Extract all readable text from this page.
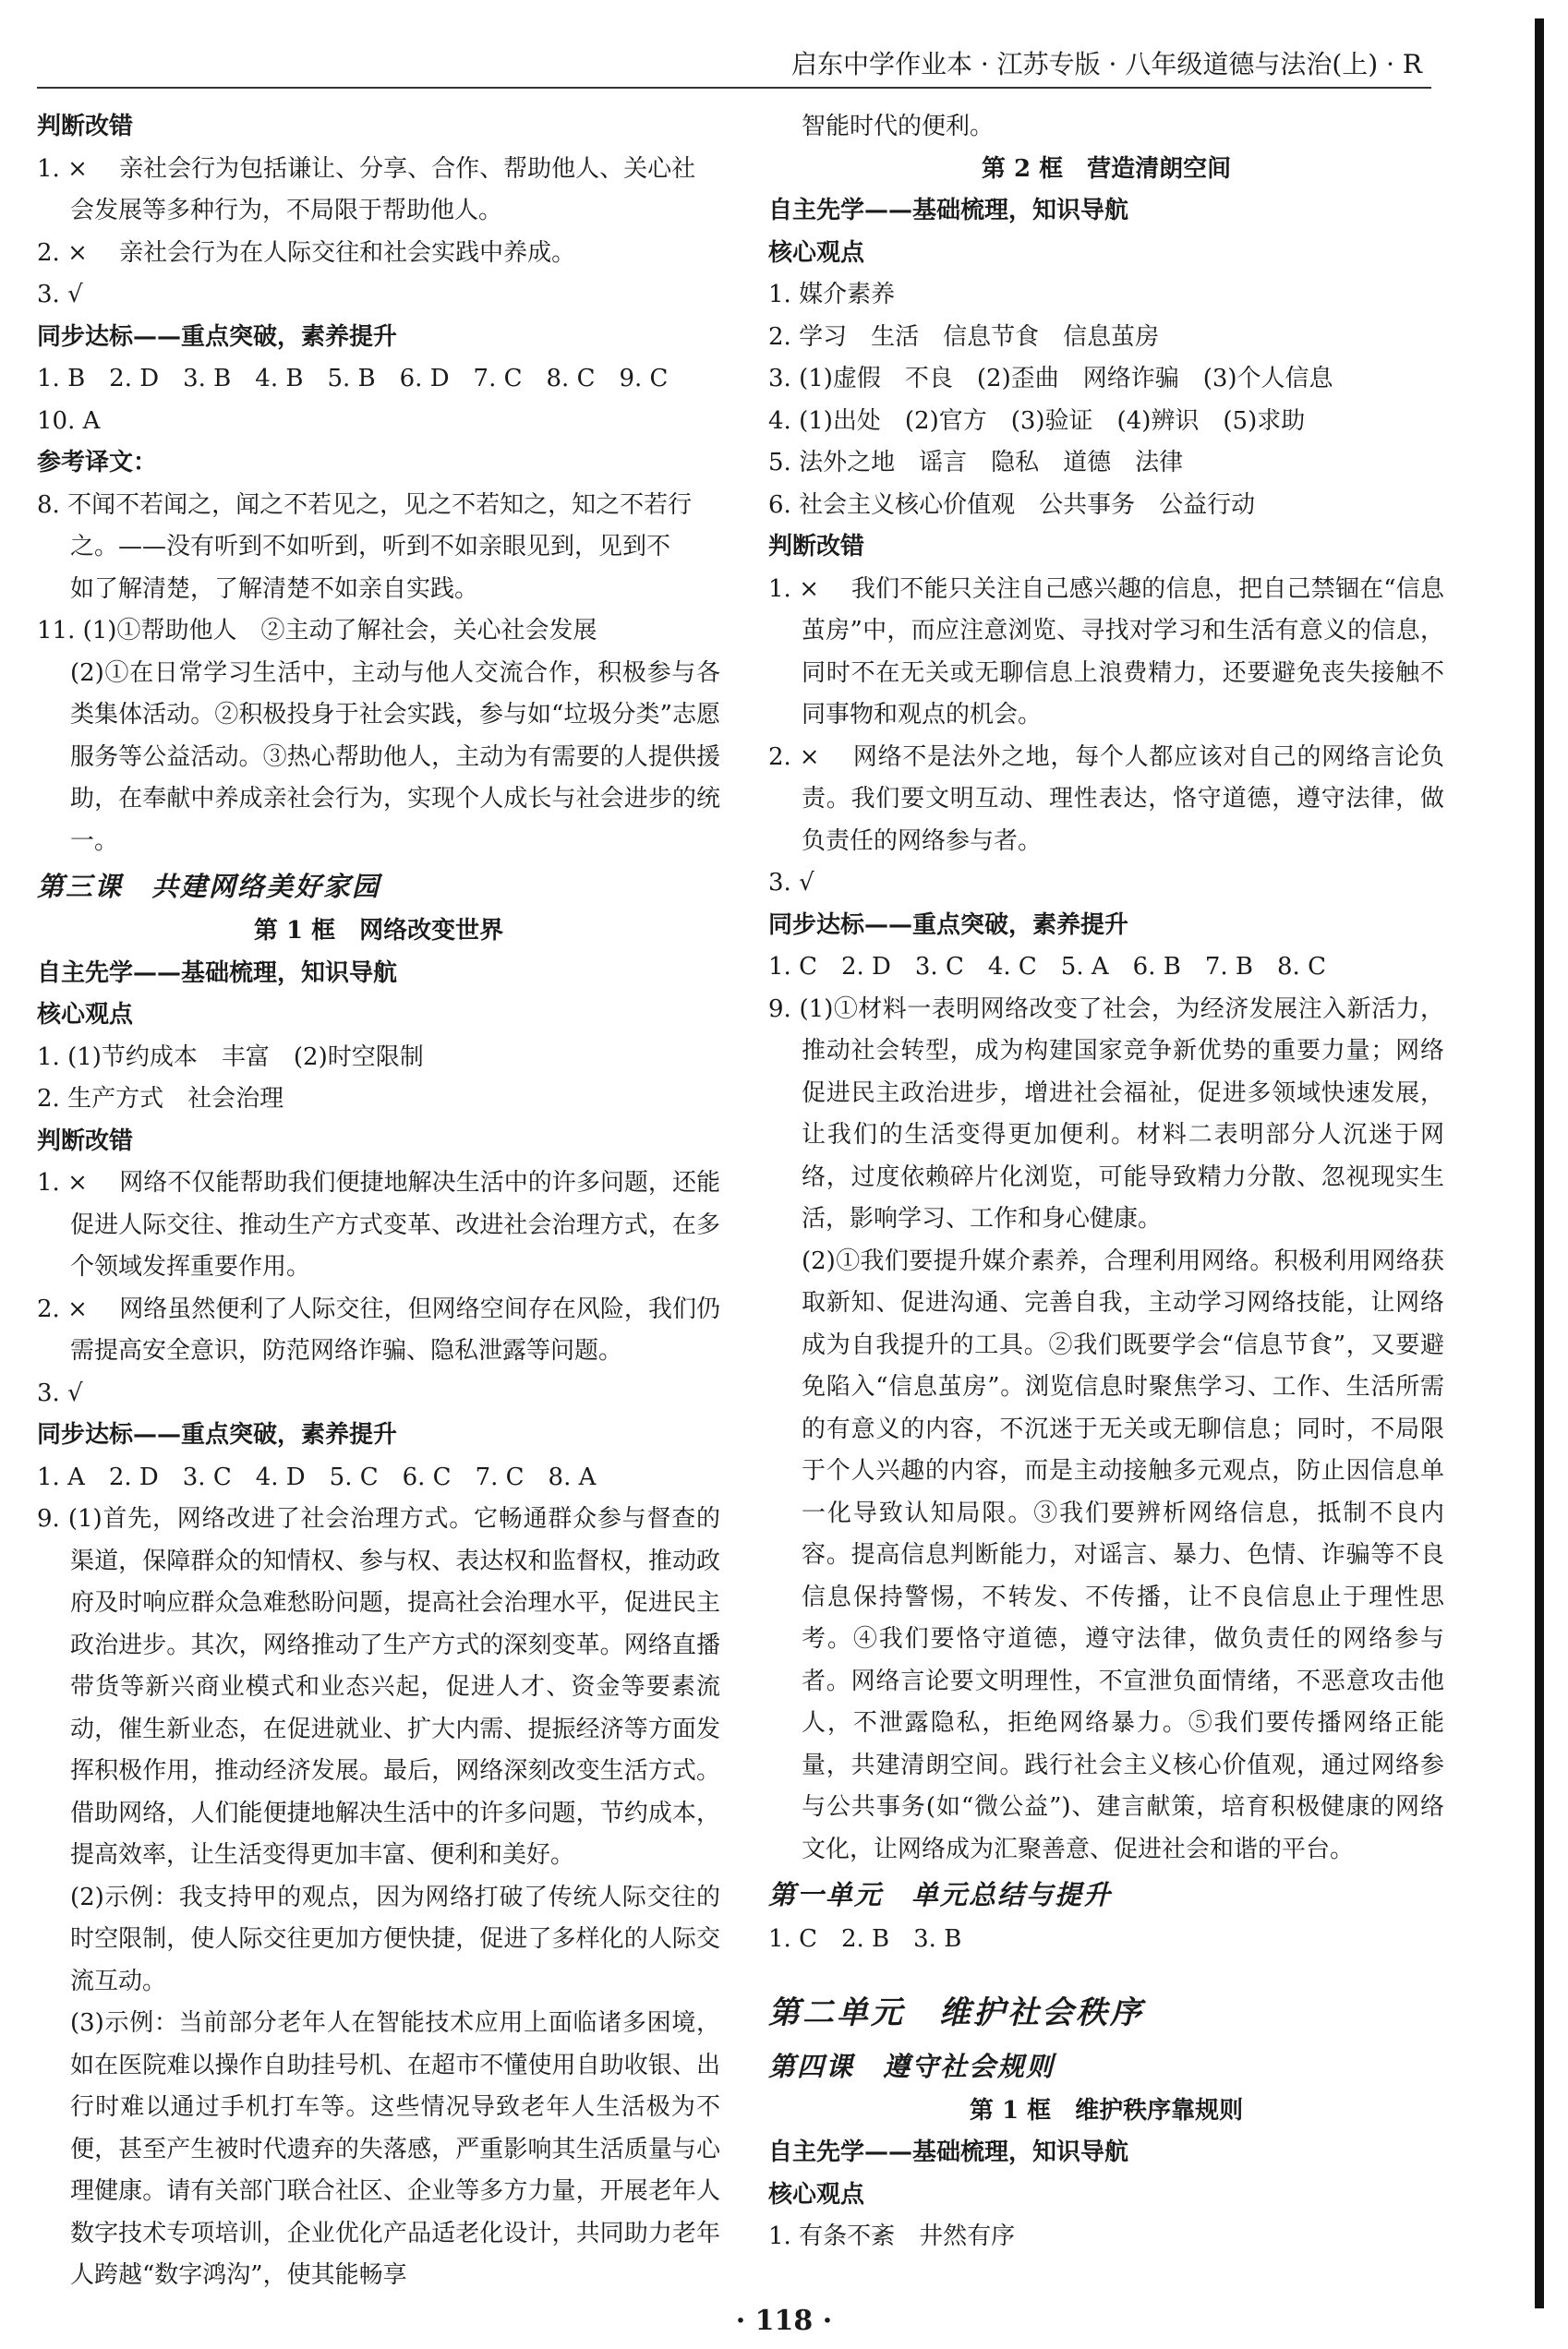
启东中学作业本 · 江苏专版 · 八年级道德与法治(上) · R

判断改错

1. ×　 亲社会行为包括谦让、分享、合作、帮助他人、关心社

会发展等多种行为，不局限于帮助他人。

2. ×　 亲社会行为在人际交往和社会实践中养成。

3. √

同步达标——重点突破，素养提升

1. B　2. D　3. B　4. B　5. B　6. D　7. C　8. C　9. C　10. A

参考译文：

8. 不闻不若闻之，闻之不若见之，见之不若知之，知之不若行

之。——没有听到不如听到，听到不如亲眼见到，见到不

如了解清楚，了解清楚不如亲自实践。

11. (1)①帮助他人　②主动了解社会，关心社会发展

(2)①在日常学习生活中，主动与他人交流合作，积极参与各类集体活动。②积极投身于社会实践，参与如“垃圾分类”志愿服务等公益活动。③热心帮助他人，主动为有需要的人提供援助，在奉献中养成亲社会行为，实现个人成长与社会进步的统一。

第三课　共建网络美好家园

第 1 框　网络改变世界

自主先学——基础梳理，知识导航

核心观点

1. (1)节约成本　丰富　(2)时空限制

2. 生产方式　社会治理

判断改错

1. ×　 网络不仅能帮助我们便捷地解决生活中的许多问题，还能促进人际交往、推动生产方式变革、改进社会治理方式，在多个领域发挥重要作用。

2. ×　 网络虽然便利了人际交往，但网络空间存在风险，我们仍需提高安全意识，防范网络诈骗、隐私泄露等问题。

3. √

同步达标——重点突破，素养提升

1. A　2. D　3. C　4. D　5. C　6. C　7. C　8. A

9. (1)首先，网络改进了社会治理方式。它畅通群众参与督查的渠道，保障群众的知情权、参与权、表达权和监督权，推动政府及时响应群众急难愁盼问题，提高社会治理水平，促进民主政治进步。其次，网络推动了生产方式的深刻变革。网络直播带货等新兴商业模式和业态兴起，促进人才、资金等要素流动，催生新业态，在促进就业、扩大内需、提振经济等方面发挥积极作用，推动经济发展。最后，网络深刻改变生活方式。借助网络，人们能便捷地解决生活中的许多问题，节约成本，提高效率，让生活变得更加丰富、便利和美好。

(2)示例：我支持甲的观点，因为网络打破了传统人际交往的时空限制，使人际交往更加方便快捷，促进了多样化的人际交流互动。

(3)示例：当前部分老年人在智能技术应用上面临诸多困境，如在医院难以操作自助挂号机、在超市不懂使用自助收银、出行时难以通过手机打车等。这些情况导致老年人生活极为不便，甚至产生被时代遗弃的失落感，严重影响其生活质量与心理健康。请有关部门联合社区、企业等多方力量，开展老年人数字技术专项培训，企业优化产品适老化设计，共同助力老年人跨越“数字鸿沟”，使其能畅享

智能时代的便利。

第 2 框　营造清朗空间

自主先学——基础梳理，知识导航

核心观点

1. 媒介素养

2. 学习　生活　信息节食　信息茧房

3. (1)虚假　不良　(2)歪曲　网络诈骗　(3)个人信息

4. (1)出处　(2)官方　(3)验证　(4)辨识　(5)求助

5. 法外之地　谣言　隐私　道德　法律

6. 社会主义核心价值观　公共事务　公益行动

判断改错

1. ×　 我们不能只关注自己感兴趣的信息，把自己禁锢在“信息茧房”中，而应注意浏览、寻找对学习和生活有意义的信息，同时不在无关或无聊信息上浪费精力，还要避免丧失接触不同事物和观点的机会。

2. ×　 网络不是法外之地，每个人都应该对自己的网络言论负责。我们要文明互动、理性表达，恪守道德，遵守法律，做负责任的网络参与者。

3. √

同步达标——重点突破，素养提升

1. C　2. D　3. C　4. C　5. A　6. B　7. B　8. C

9. (1)①材料一表明网络改变了社会，为经济发展注入新活力，推动社会转型，成为构建国家竞争新优势的重要力量；网络促进民主政治进步，增进社会福祉，促进多领域快速发展，让我们的生活变得更加便利。材料二表明部分人沉迷于网络，过度依赖碎片化浏览，可能导致精力分散、忽视现实生活，影响学习、工作和身心健康。

(2)①我们要提升媒介素养，合理利用网络。积极利用网络获取新知、促进沟通、完善自我，主动学习网络技能，让网络成为自我提升的工具。②我们既要学会“信息节食”，又要避免陷入“信息茧房”。浏览信息时聚焦学习、工作、生活所需的有意义的内容，不沉迷于无关或无聊信息；同时，不局限于个人兴趣的内容，而是主动接触多元观点，防止因信息单一化导致认知局限。③我们要辨析网络信息，抵制不良内容。提高信息判断能力，对谣言、暴力、色情、诈骗等不良信息保持警惕，不转发、不传播，让不良信息止于理性思考。④我们要恪守道德，遵守法律，做负责任的网络参与者。网络言论要文明理性，不宣泄负面情绪，不恶意攻击他人，不泄露隐私，拒绝网络暴力。⑤我们要传播网络正能量，共建清朗空间。践行社会主义核心价值观，通过网络参与公共事务(如“微公益”)、建言献策，培育积极健康的网络文化，让网络成为汇聚善意、促进社会和谐的平台。

第一单元　单元总结与提升

1. C　2. B　3. B

第二单元　维护社会秩序

第四课　遵守社会规则

第 1 框　维护秩序靠规则

自主先学——基础梳理，知识导航

核心观点

1. 有条不紊　井然有序

· 118 ·
